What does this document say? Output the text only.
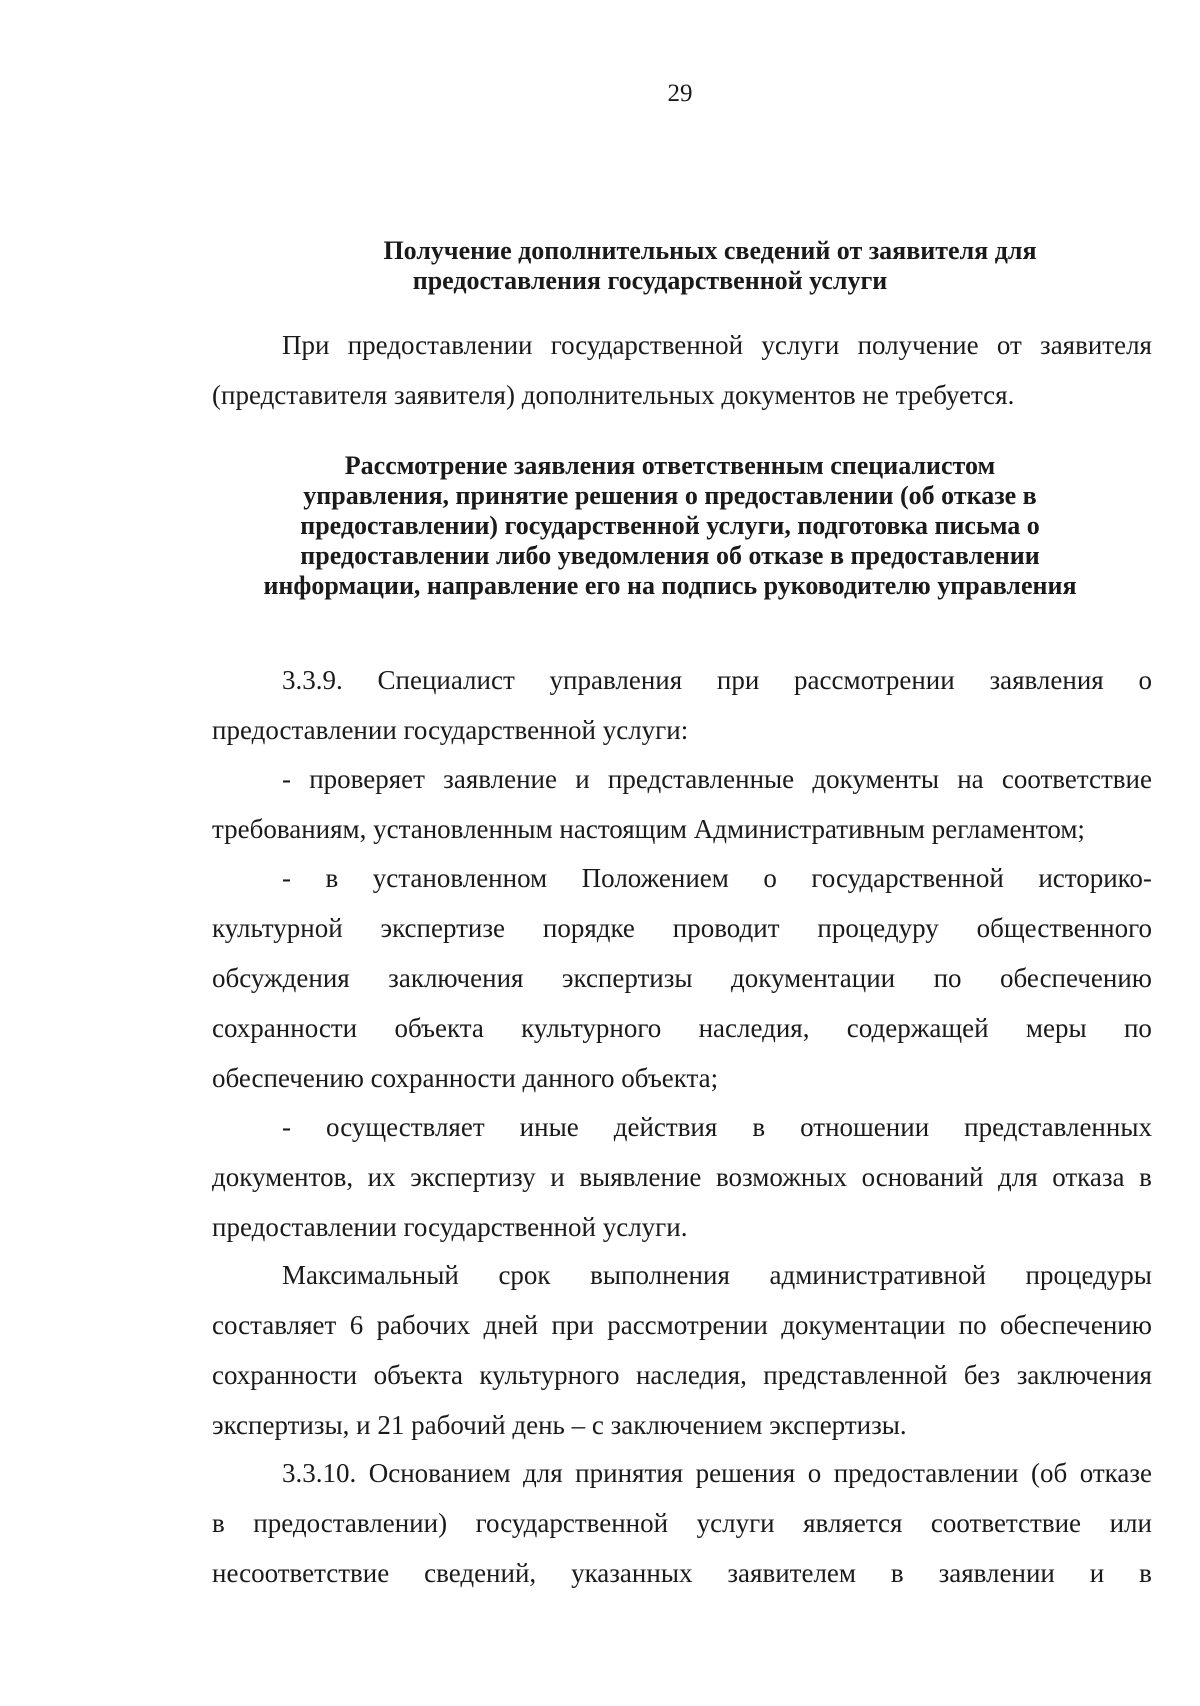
29
Получение дополнительных сведений от заявителя для
предоставления государственной услуги
При предоставлении государственной услуги получение от заявителя
(представителя заявителя) дополнительных документов не требуется.
Рассмотрение заявления ответственным специалистом
управления, принятие решения о предоставлении (об отказе в
предоставлении) государственной услуги, подготовка письма о
предоставлении либо уведомления об отказе в предоставлении
информации, направление его на подпись руководителю управления
3.3.9. Специалист управления при рассмотрении заявления о
предоставлении государственной услуги:
- проверяет заявление и представленные документы на соответствие
требованиям, установленным настоящим Административным регламентом;
- в установленном Положением о государственной историко-
культурной экспертизе порядке проводит процедуру общественного
обсуждения заключения экспертизы документации по обеспечению
сохранности объекта культурного наследия, содержащей меры по
обеспечению сохранности данного объекта;
- осуществляет иные действия в отношении представленных
документов, их экспертизу и выявление возможных оснований для отказа в
предоставлении государственной услуги.
Максимальный срок выполнения административной процедуры
составляет 6 рабочих дней при рассмотрении документации по обеспечению
сохранности объекта культурного наследия, представленной без заключения
экспертизы, и 21 рабочий день – с заключением экспертизы.
3.3.10. Основанием для принятия решения о предоставлении (об отказе
в предоставлении) государственной услуги является соответствие или
несоответствие сведений, указанных заявителем в заявлении и в
